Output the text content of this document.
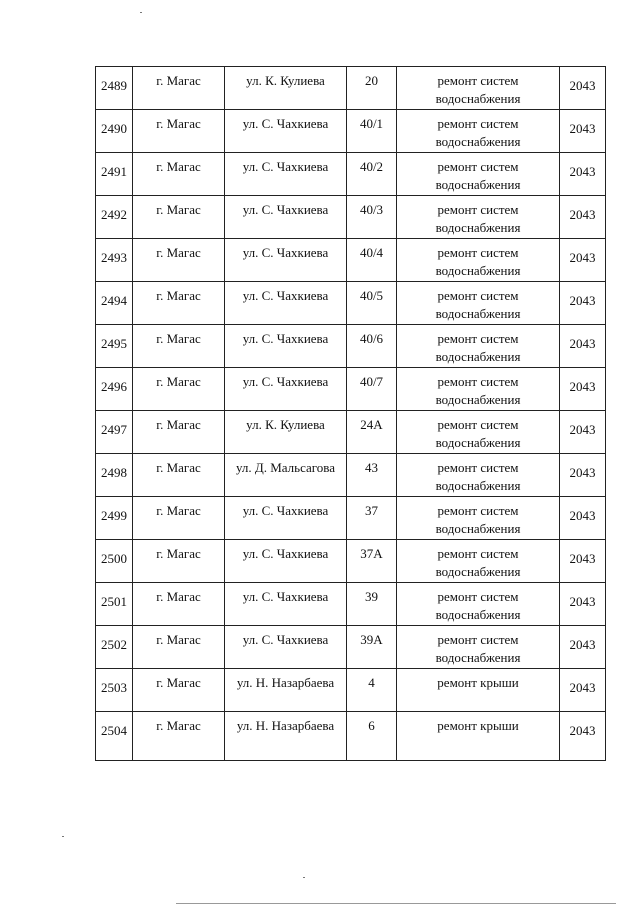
2489	г. Магас	ул. К. Кулиева	20	ремонт систем водоснабжения	2043
2490	г. Магас	ул. С. Чахкиева	40/1	ремонт систем водоснабжения	2043
2491	г. Магас	ул. С. Чахкиева	40/2	ремонт систем водоснабжения	2043
2492	г. Магас	ул. С. Чахкиева	40/3	ремонт систем водоснабжения	2043
2493	г. Магас	ул. С. Чахкиева	40/4	ремонт систем водоснабжения	2043
2494	г. Магас	ул. С. Чахкиева	40/5	ремонт систем водоснабжения	2043
2495	г. Магас	ул. С. Чахкиева	40/6	ремонт систем водоснабжения	2043
2496	г. Магас	ул. С. Чахкиева	40/7	ремонт систем водоснабжения	2043
2497	г. Магас	ул. К. Кулиева	24А	ремонт систем водоснабжения	2043
2498	г. Магас	ул. Д. Мальсагова	43	ремонт систем водоснабжения	2043
2499	г. Магас	ул. С. Чахкиева	37	ремонт систем водоснабжения	2043
2500	г. Магас	ул. С. Чахкиева	37А	ремонт систем водоснабжения	2043
2501	г. Магас	ул. С. Чахкиева	39	ремонт систем водоснабжения	2043
2502	г. Магас	ул. С. Чахкиева	39А	ремонт систем водоснабжения	2043
2503	г. Магас	ул. Н. Назарбаева	4	ремонт крыши	2043
2504	г. Магас	ул. Н. Назарбаева	6	ремонт крыши	2043
